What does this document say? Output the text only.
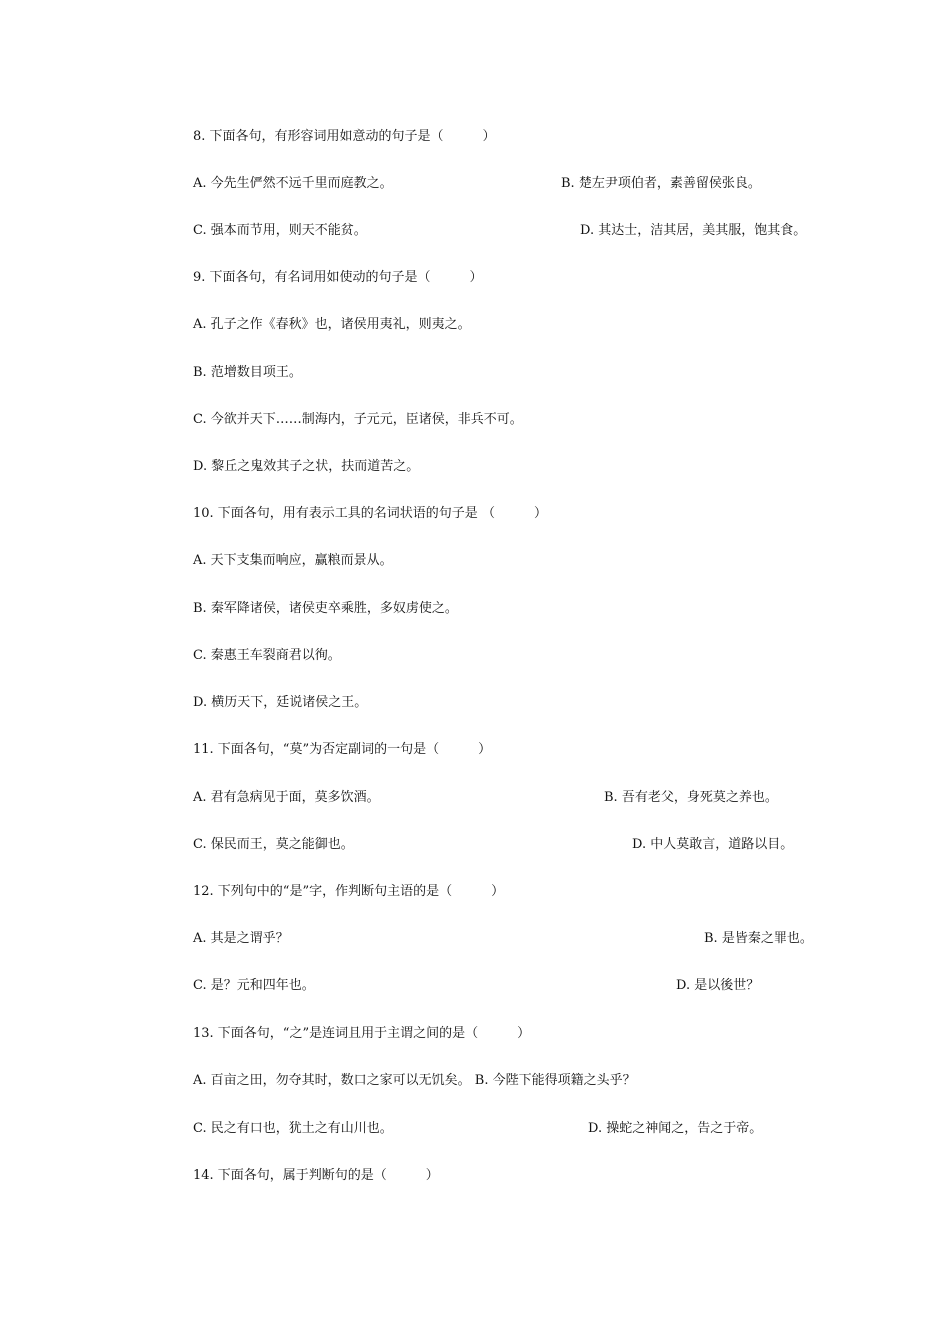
8. 下面各句，有形容词用如意动的句子是（　　　）
A. 今先生俨然不远千里而庭教之。	B. 楚左尹项伯者，素善留侯张良。
C. 强本而节用，则天不能贫。	D. 其达士，洁其居，美其服，饱其食。
9. 下面各句，有名词用如使动的句子是（　　　）
A. 孔子之作《春秋》也，诸侯用夷礼，则夷之。
B. 范增数目项王。
C. 今欲并天下……制海内，子元元，臣诸侯，非兵不可。
D. 黎丘之鬼效其子之状，扶而道苦之。
10. 下面各句，用有表示工具的名词状语的句子是 （　　　）
A. 天下支集而响应，赢粮而景从。
B. 秦军降诸侯，诸侯吏卒乘胜，多奴虏使之。
C. 秦惠王车裂商君以徇。
D. 横历天下，廷说诸侯之王。
11. 下面各句，“莫”为否定副词的一句是（　　　）
A. 君有急病见于面，莫多饮酒。	B. 吾有老父，身死莫之养也。
C. 保民而王，莫之能御也。	D. 中人莫敢言，道路以目。
12. 下列句中的“是”字，作判断句主语的是（　　　）
A. 其是之谓乎？	B. 是皆秦之罪也。
C. 是？元和四年也。	D. 是以後世？
13. 下面各句，“之”是连词且用于主谓之间的是（　　　）
A. 百亩之田，勿夺其时，数口之家可以无饥矣。 B. 今陛下能得项籍之头乎？
C. 民之有口也，犹土之有山川也。	D. 操蛇之神闻之，告之于帝。
14. 下面各句，属于判断句的是（　　　）
